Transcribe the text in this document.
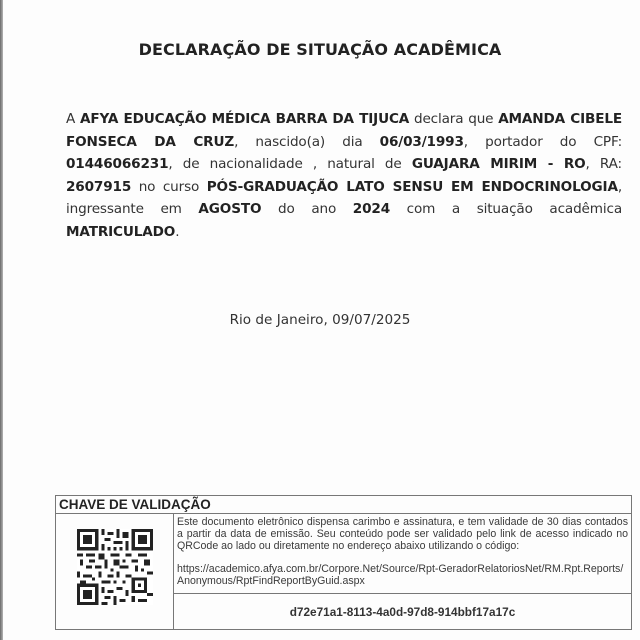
DECLARAÇÃO DE SITUAÇÃO ACADÊMICA
A AFYA EDUCAÇÃO MÉDICA BARRA DA TIJUCA declara que AMANDA CIBELE FONSECA DA CRUZ, nascido(a) dia 06/03/1993, portador do CPF: 01446066231, de nacionalidade , natural de GUAJARA MIRIM - RO, RA: 2607915 no curso PÓS-GRADUAÇÃO LATO SENSU EM ENDOCRINOLOGIA, ingressante em AGOSTO do ano 2024 com a situação acadêmica MATRICULADO.
Rio de Janeiro, 09/07/2025
CHAVE DE VALIDAÇÃO
Este documento eletrônico dispensa carimbo e assinatura, e tem validade de 30 dias contados a partir da data de emissão. Seu conteúdo pode ser validado pelo link de acesso indicado no QRCode ao lado ou diretamente no endereço abaixo utilizando o código:
https://academico.afya.com.br/Corpore.Net/Source/Rpt-GeradorRelatoriosNet/RM.Rpt.Reports/Anonymous/RptFindReportByGuid.aspx
d72e71a1-8113-4a0d-97d8-914bbf17a17c
